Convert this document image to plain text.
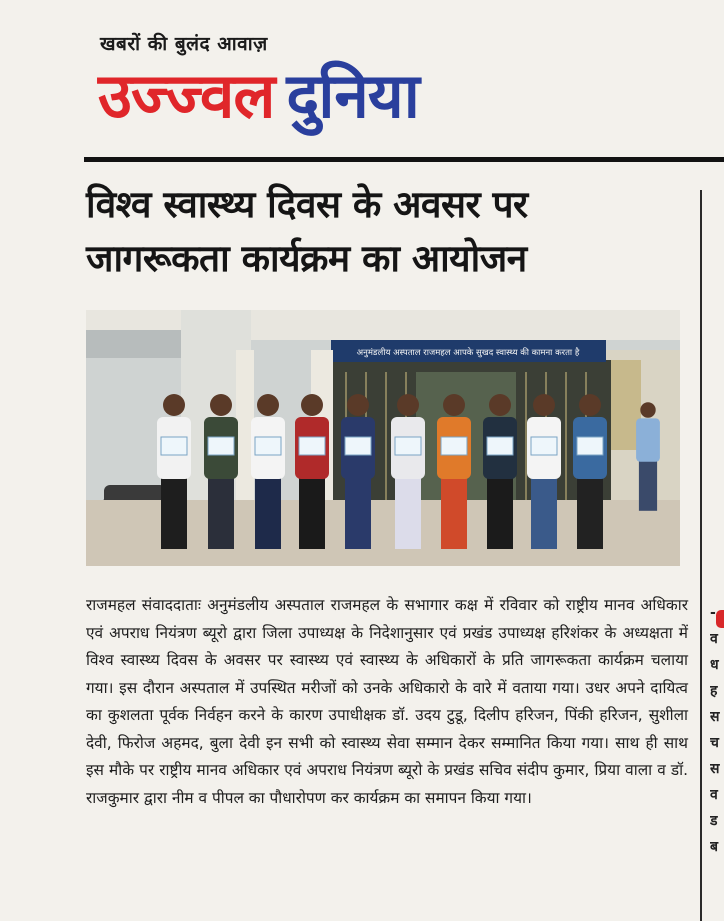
खबरों की बुलंद आवाज़
उज्ज्वल दुनिया
विश्व स्वास्थ्य दिवस के अवसर पर
जागरूकता कार्यक्रम का आयोजन
अनुमंडलीय अस्पताल राजमहल आपके सुखद स्वास्थ्य की कामना करता है
राजमहल संवाददाताः अनुमंडलीय अस्पताल राजमहल के सभागार कक्ष में रविवार को राष्ट्रीय मानव अधिकार एवं अपराध नियंत्रण ब्यूरो द्वारा जिला उपाध्यक्ष के निदेशानुसार एवं प्रखंड उपाध्यक्ष हरिशंकर के अध्यक्षता में विश्व स्वास्थ्य दिवस के अवसर पर स्वास्थ्य एवं स्वास्थ्य के अधिकारों के प्रति जागरूकता कार्यक्रम चलाया गया। इस दौरान अस्पताल में उपस्थित मरीजों को उनके अधिकारो के वारे में वताया गया। उधर अपने दायित्व का कुशलता पूर्वक निर्वहन करने के कारण उपाधीक्षक डॉ. उदय टुडू, दिलीप हरिजन, पिंकी हरिजन, सुशीला देवी, फिरोज अहमद, बुला देवी इन सभी को स्वास्थ्य सेवा सम्मान देकर सम्मानित किया गया। साथ ही साथ इस मौके पर राष्ट्रीय मानव अधिकार एवं अपराध नियंत्रण ब्यूरो के प्रखंड सचिव संदीप कुमार, प्रिया वाला व डॉ. राजकुमार द्वारा नीम व पीपल का पौधारोपण कर कार्यक्रम का समापन किया गया।
-
व
ध
ह
स
च
स
व
ड
ब
